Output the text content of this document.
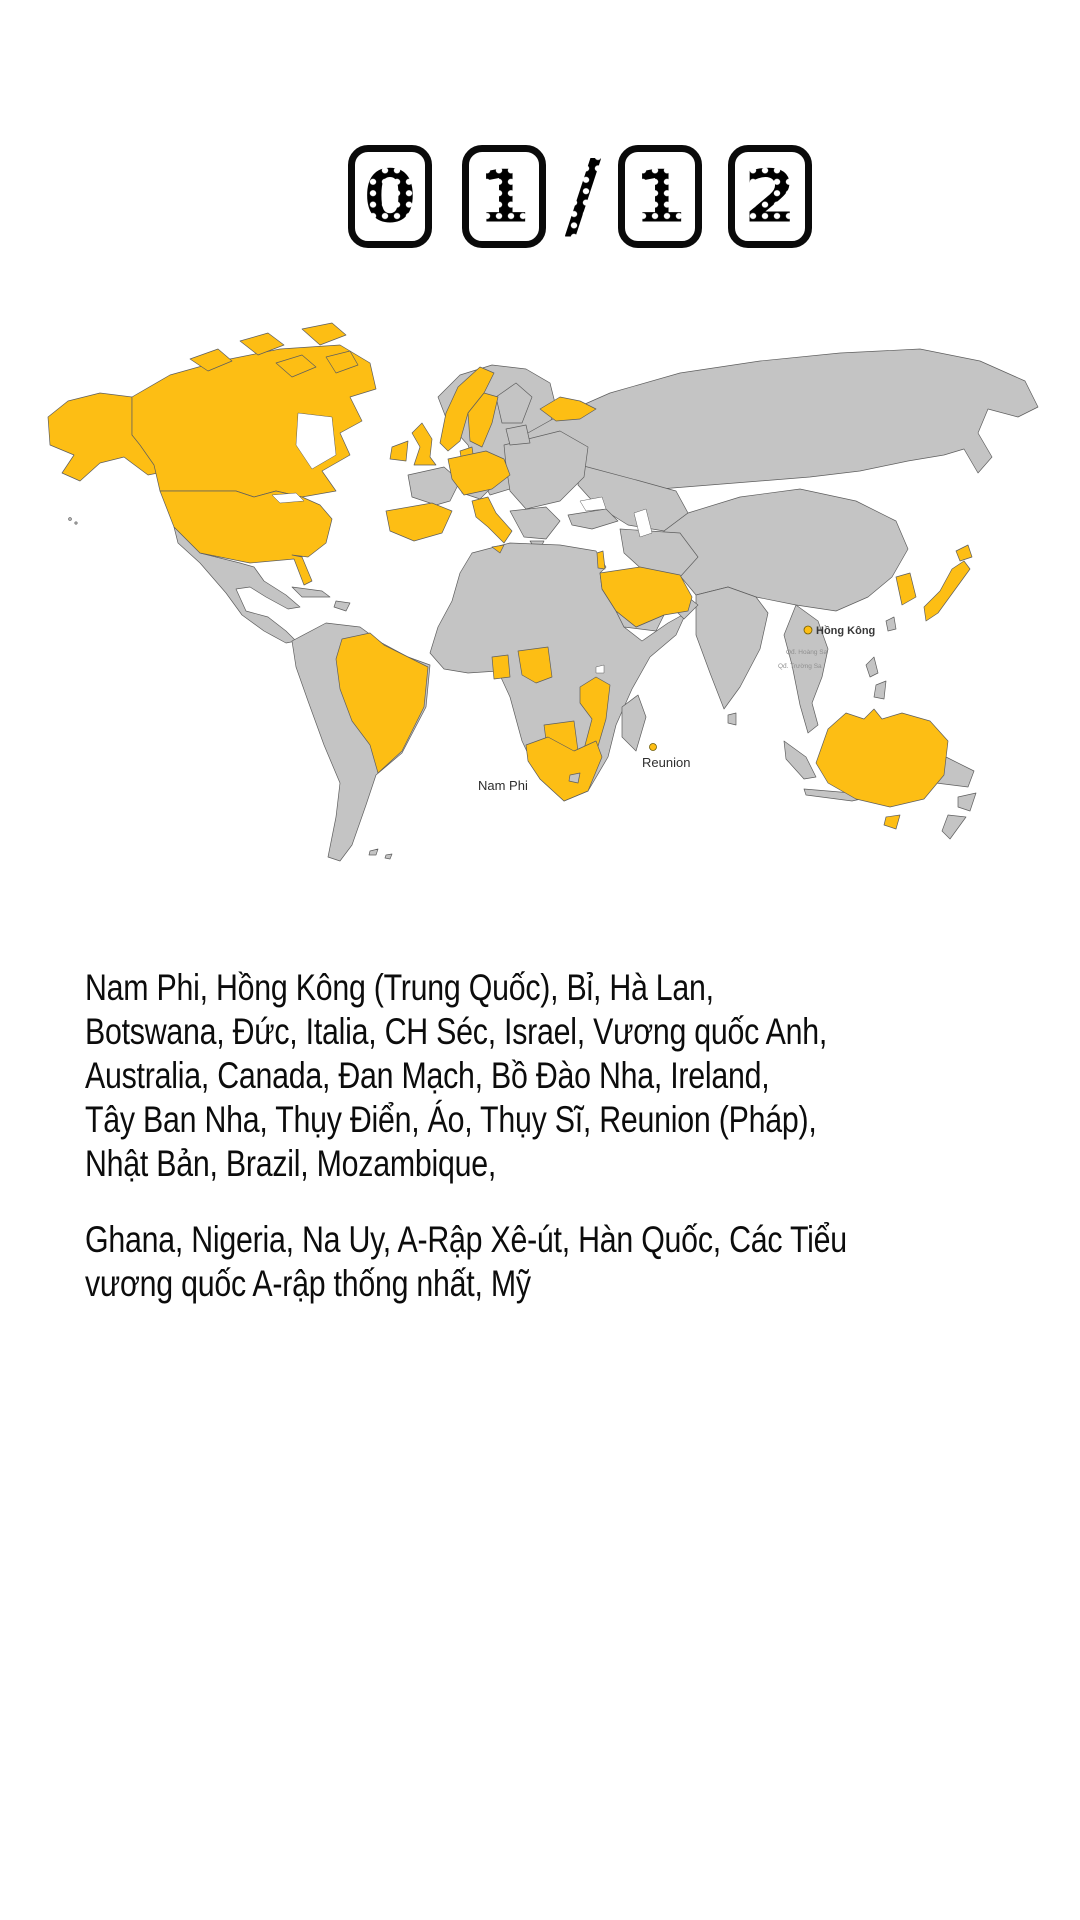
0 1 / 1 2
Hồng Kông
Qđ. Hoàng Sa
Qđ. Trường Sa
Reunion
Nam Phi
Nam Phi, Hồng Kông (Trung Quốc), Bỉ, Hà Lan,
Botswana, Đức, Italia, CH Séc, Israel, Vương quốc Anh,
Australia, Canada, Đan Mạch, Bồ Đào Nha, Ireland,
Tây Ban Nha, Thụy Điển, Áo, Thụy Sĩ, Reunion (Pháp),
Nhật Bản, Brazil, Mozambique,
Ghana, Nigeria, Na Uy, A-Rập Xê-út, Hàn Quốc, Các Tiểu
vương quốc A-rập thống nhất, Mỹ
